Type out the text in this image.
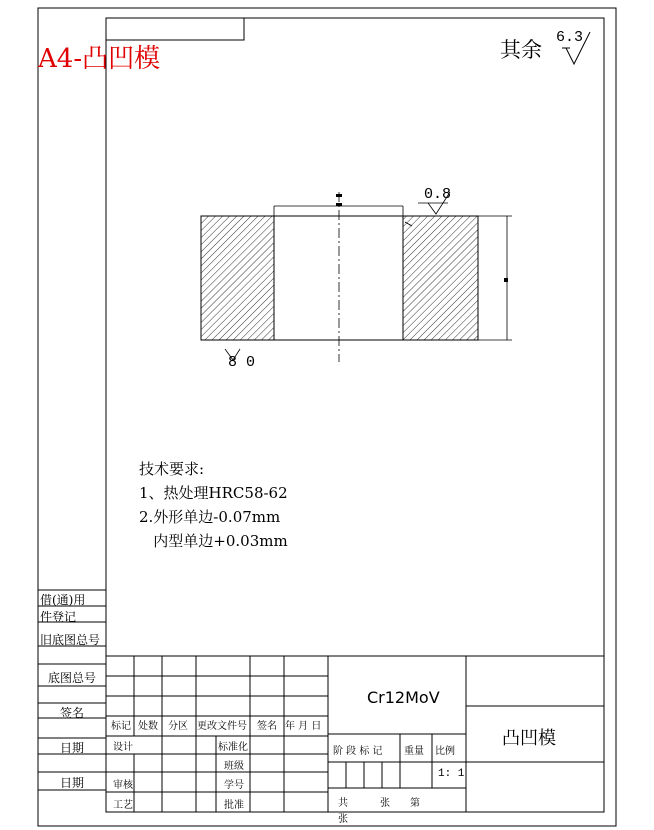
A4-凸凹模	其余
6.3
0.8
8 0
技术要求:
1、热处理HRC58-62
2.外形单边-0.07mm
内型单边+0.03mm
借(通)用
件登记
旧底图总号
底图总号
签名
日期
日期
Cr12MoV
凸凹模
标记 处数 分区 更改文件号 签名 年 月 日
设计
审核
工艺
标准化
班级
学号
批准
阶 段 标 记 重量 比例
1: 1
共	张 第
张
